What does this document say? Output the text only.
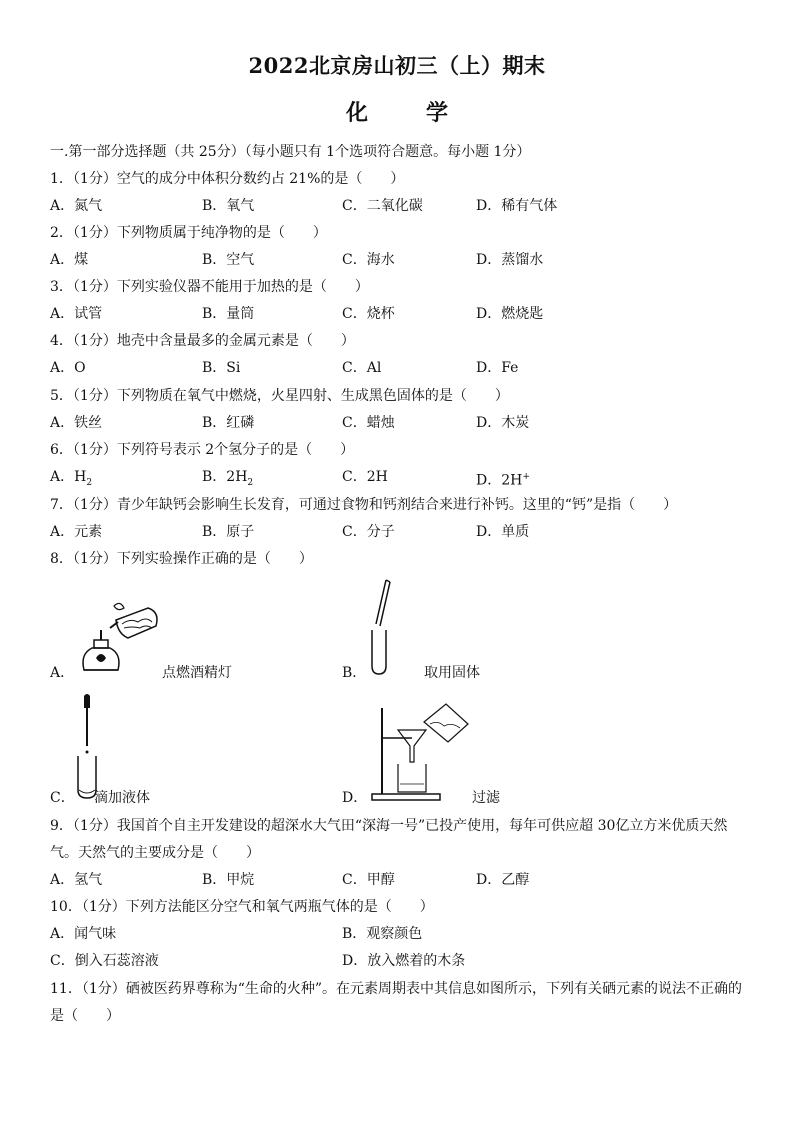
2022北京房山初三（上）期末
化	学
一.第一部分选择题（共 25分）（每小题只有 1个选项符合题意。每小题 1分）
1．（1分）空气的成分中体积分数约占 21%的是（　　）
A．氮气	B．氧气	C．二氧化碳	D．稀有气体
2．（1分）下列物质属于纯净物的是（　　）
A．煤	B．空气	C．海水	D．蒸馏水
3．（1分）下列实验仪器不能用于加热的是（　　）
A．试管	B．量筒	C．烧杯	D．燃烧匙
4．（1分）地壳中含量最多的金属元素是（　　）
A．O	B．Si	C．Al	D．Fe
5．（1分）下列物质在氧气中燃烧，火星四射、生成黑色固体的是（　　）
A．铁丝	B．红磷	C．蜡烛	D．木炭
6．（1分）下列符号表示 2个氢分子的是（　　）
A．$H_2$	B．$2H_2$	C．2H	D．2H+
7．（1分）青少年缺钙会影响生长发育，可通过食物和钙剂结合来进行补钙。这里的“钙”是指（　　）
A．元素	B．原子	C．分子	D．单质
8．（1分）下列实验操作正确的是（　　）
A．	点燃酒精灯	B．	取用固体
C． 滴加液体	D．	过滤
9．（1分）我国首个自主开发建设的超深水大气田“深海一号”已投产使用，每年可供应超 30亿立方米优质天然
气。天然气的主要成分是（　　）
A．氢气	B．甲烷	C．甲醇	D．乙醇
10．（1分）下列方法能区分空气和氧气两瓶气体的是（　　）
A．闻气味	B．观察颜色
C．倒入石蕊溶液	D．放入燃着的木条
11．（1分）硒被医药界尊称为“生命的火种”。在元素周期表中其信息如图所示，下列有关硒元素的说法不正确的
是（　　）
